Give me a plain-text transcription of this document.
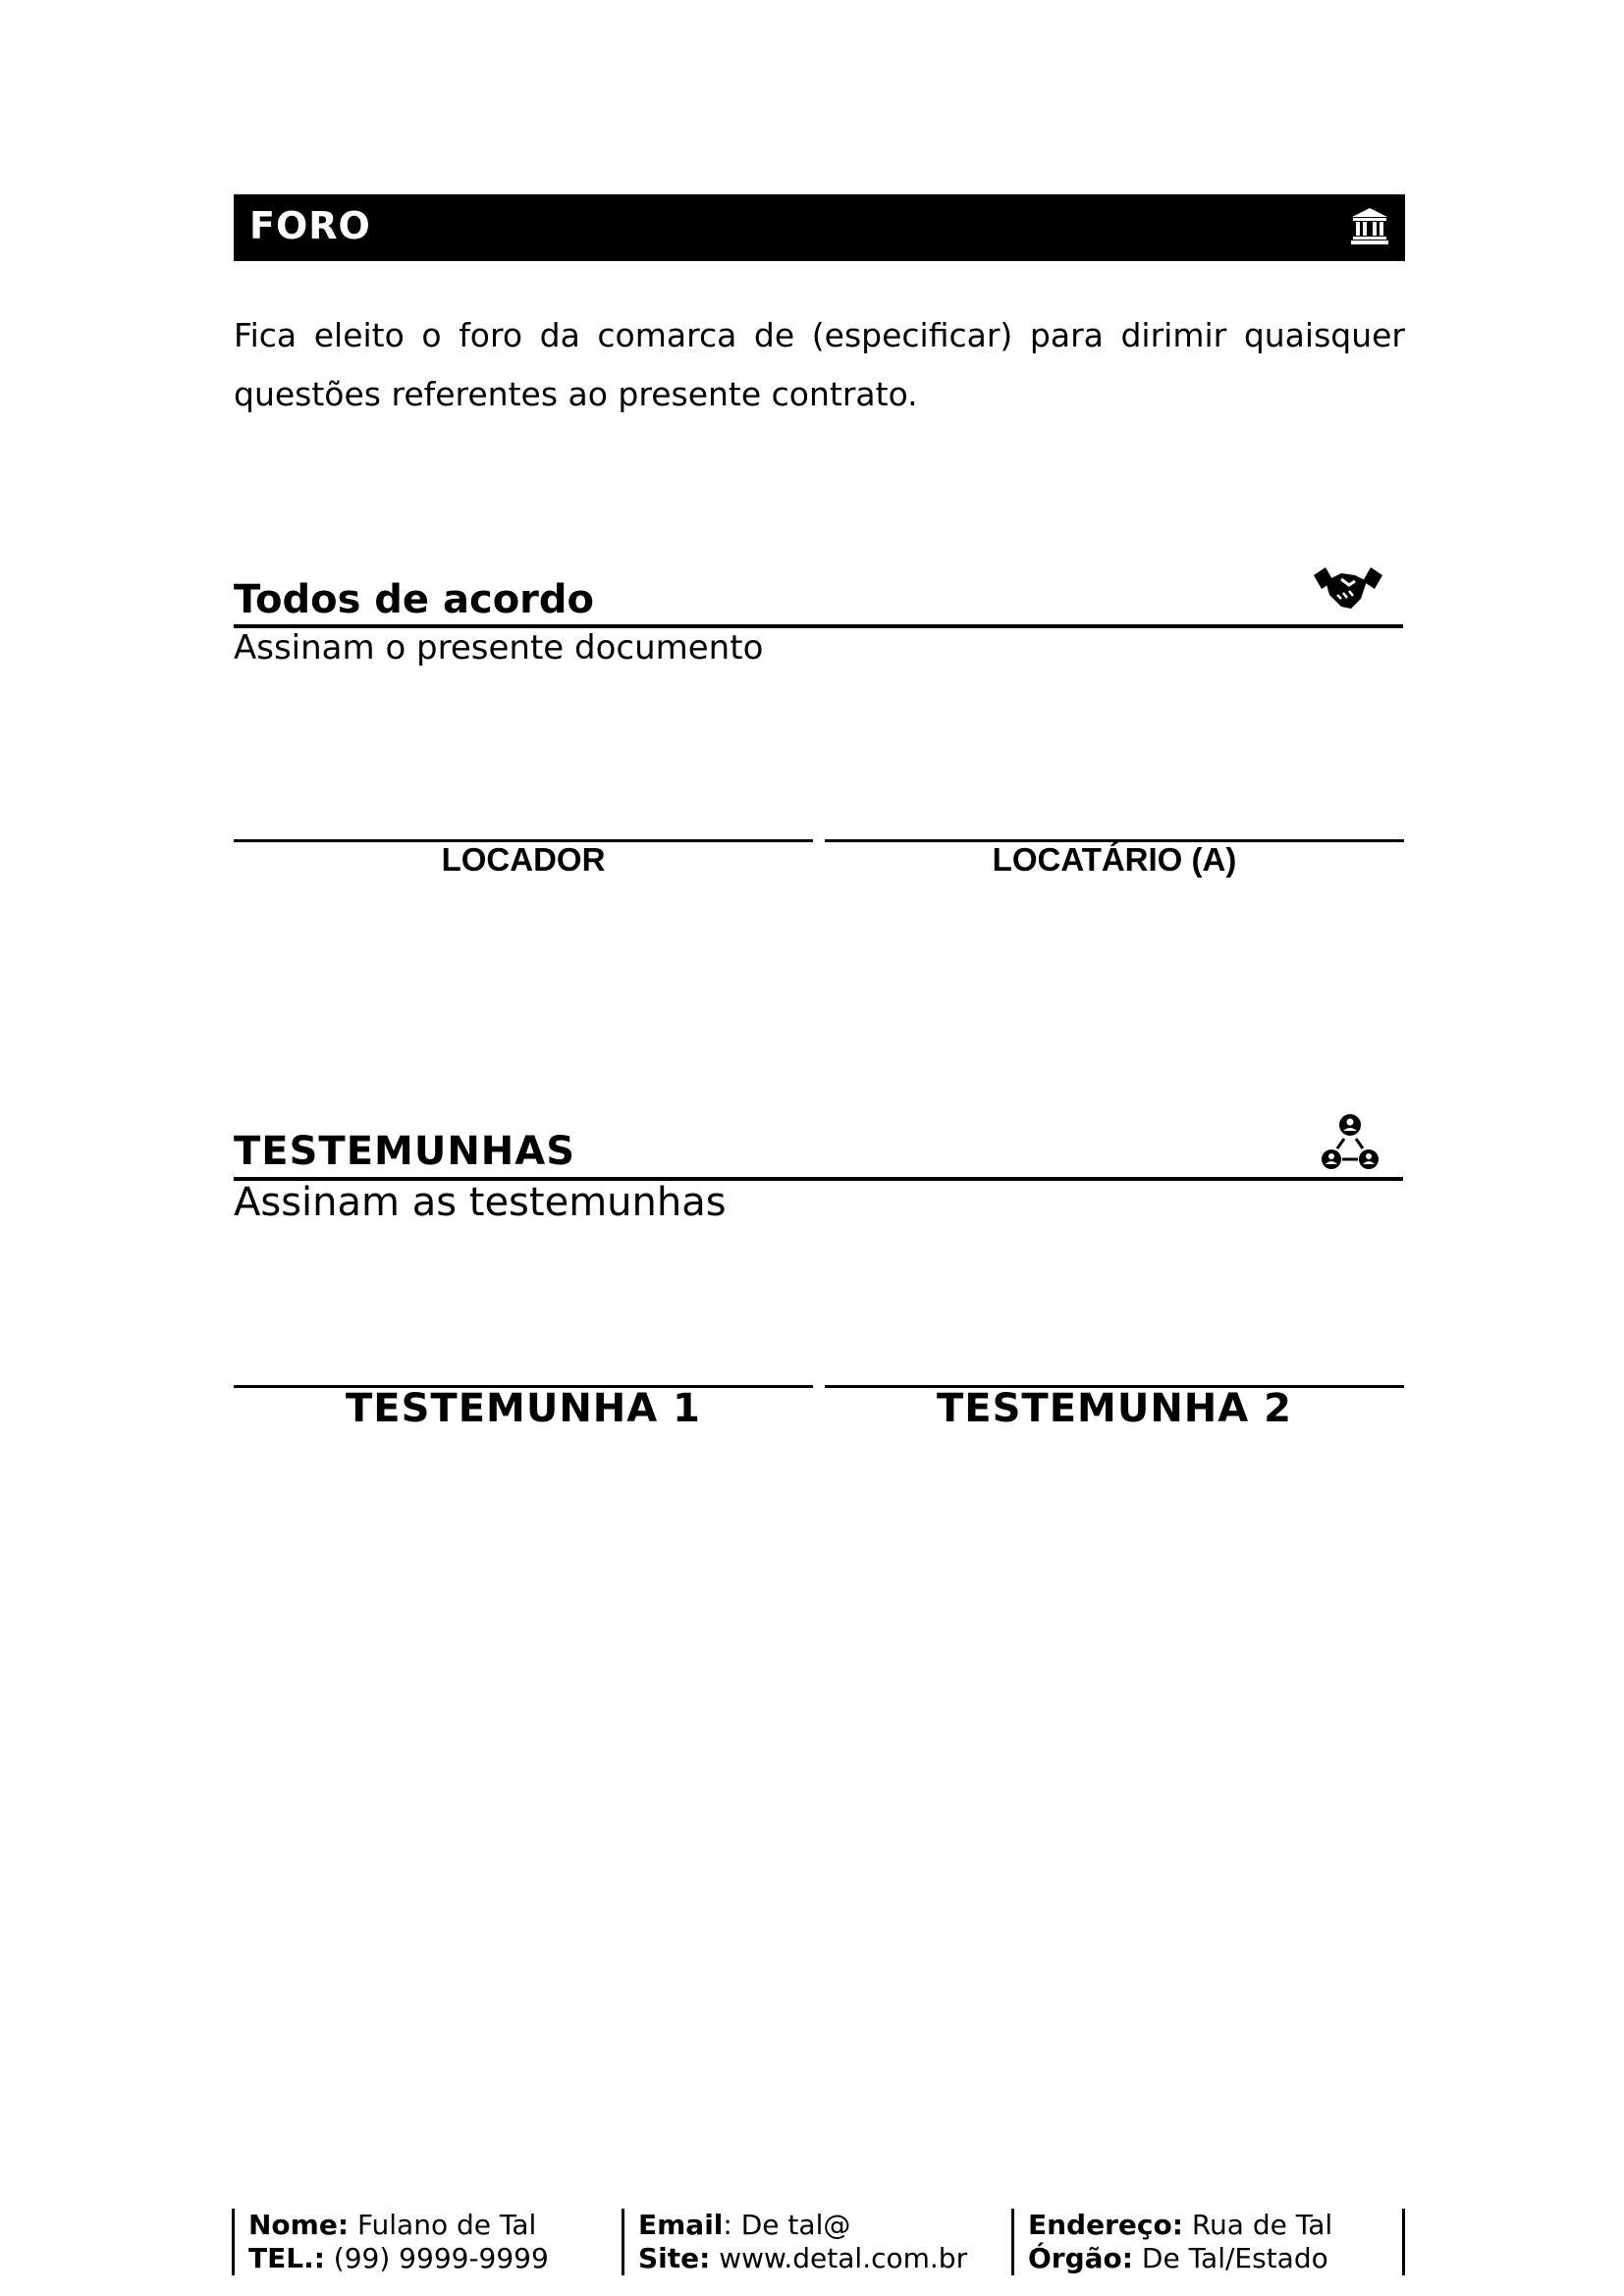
FORO
Fica eleito o foro da comarca de (especificar) para dirimir quaisquer questões referentes ao presente contrato.
Todos de acordo
Assinam o presente documento
LOCADOR	LOCATÁRIO (A)
TESTEMUNHAS
Assinam as testemunhas
TESTEMUNHA 1	TESTEMUNHA 2
Nome: Fulano de Tal
TEL.: (99) 9999-9999
Email: De tal@
Site: www.detal.com.br
Endereço: Rua de Tal
Órgão: De Tal/Estado
